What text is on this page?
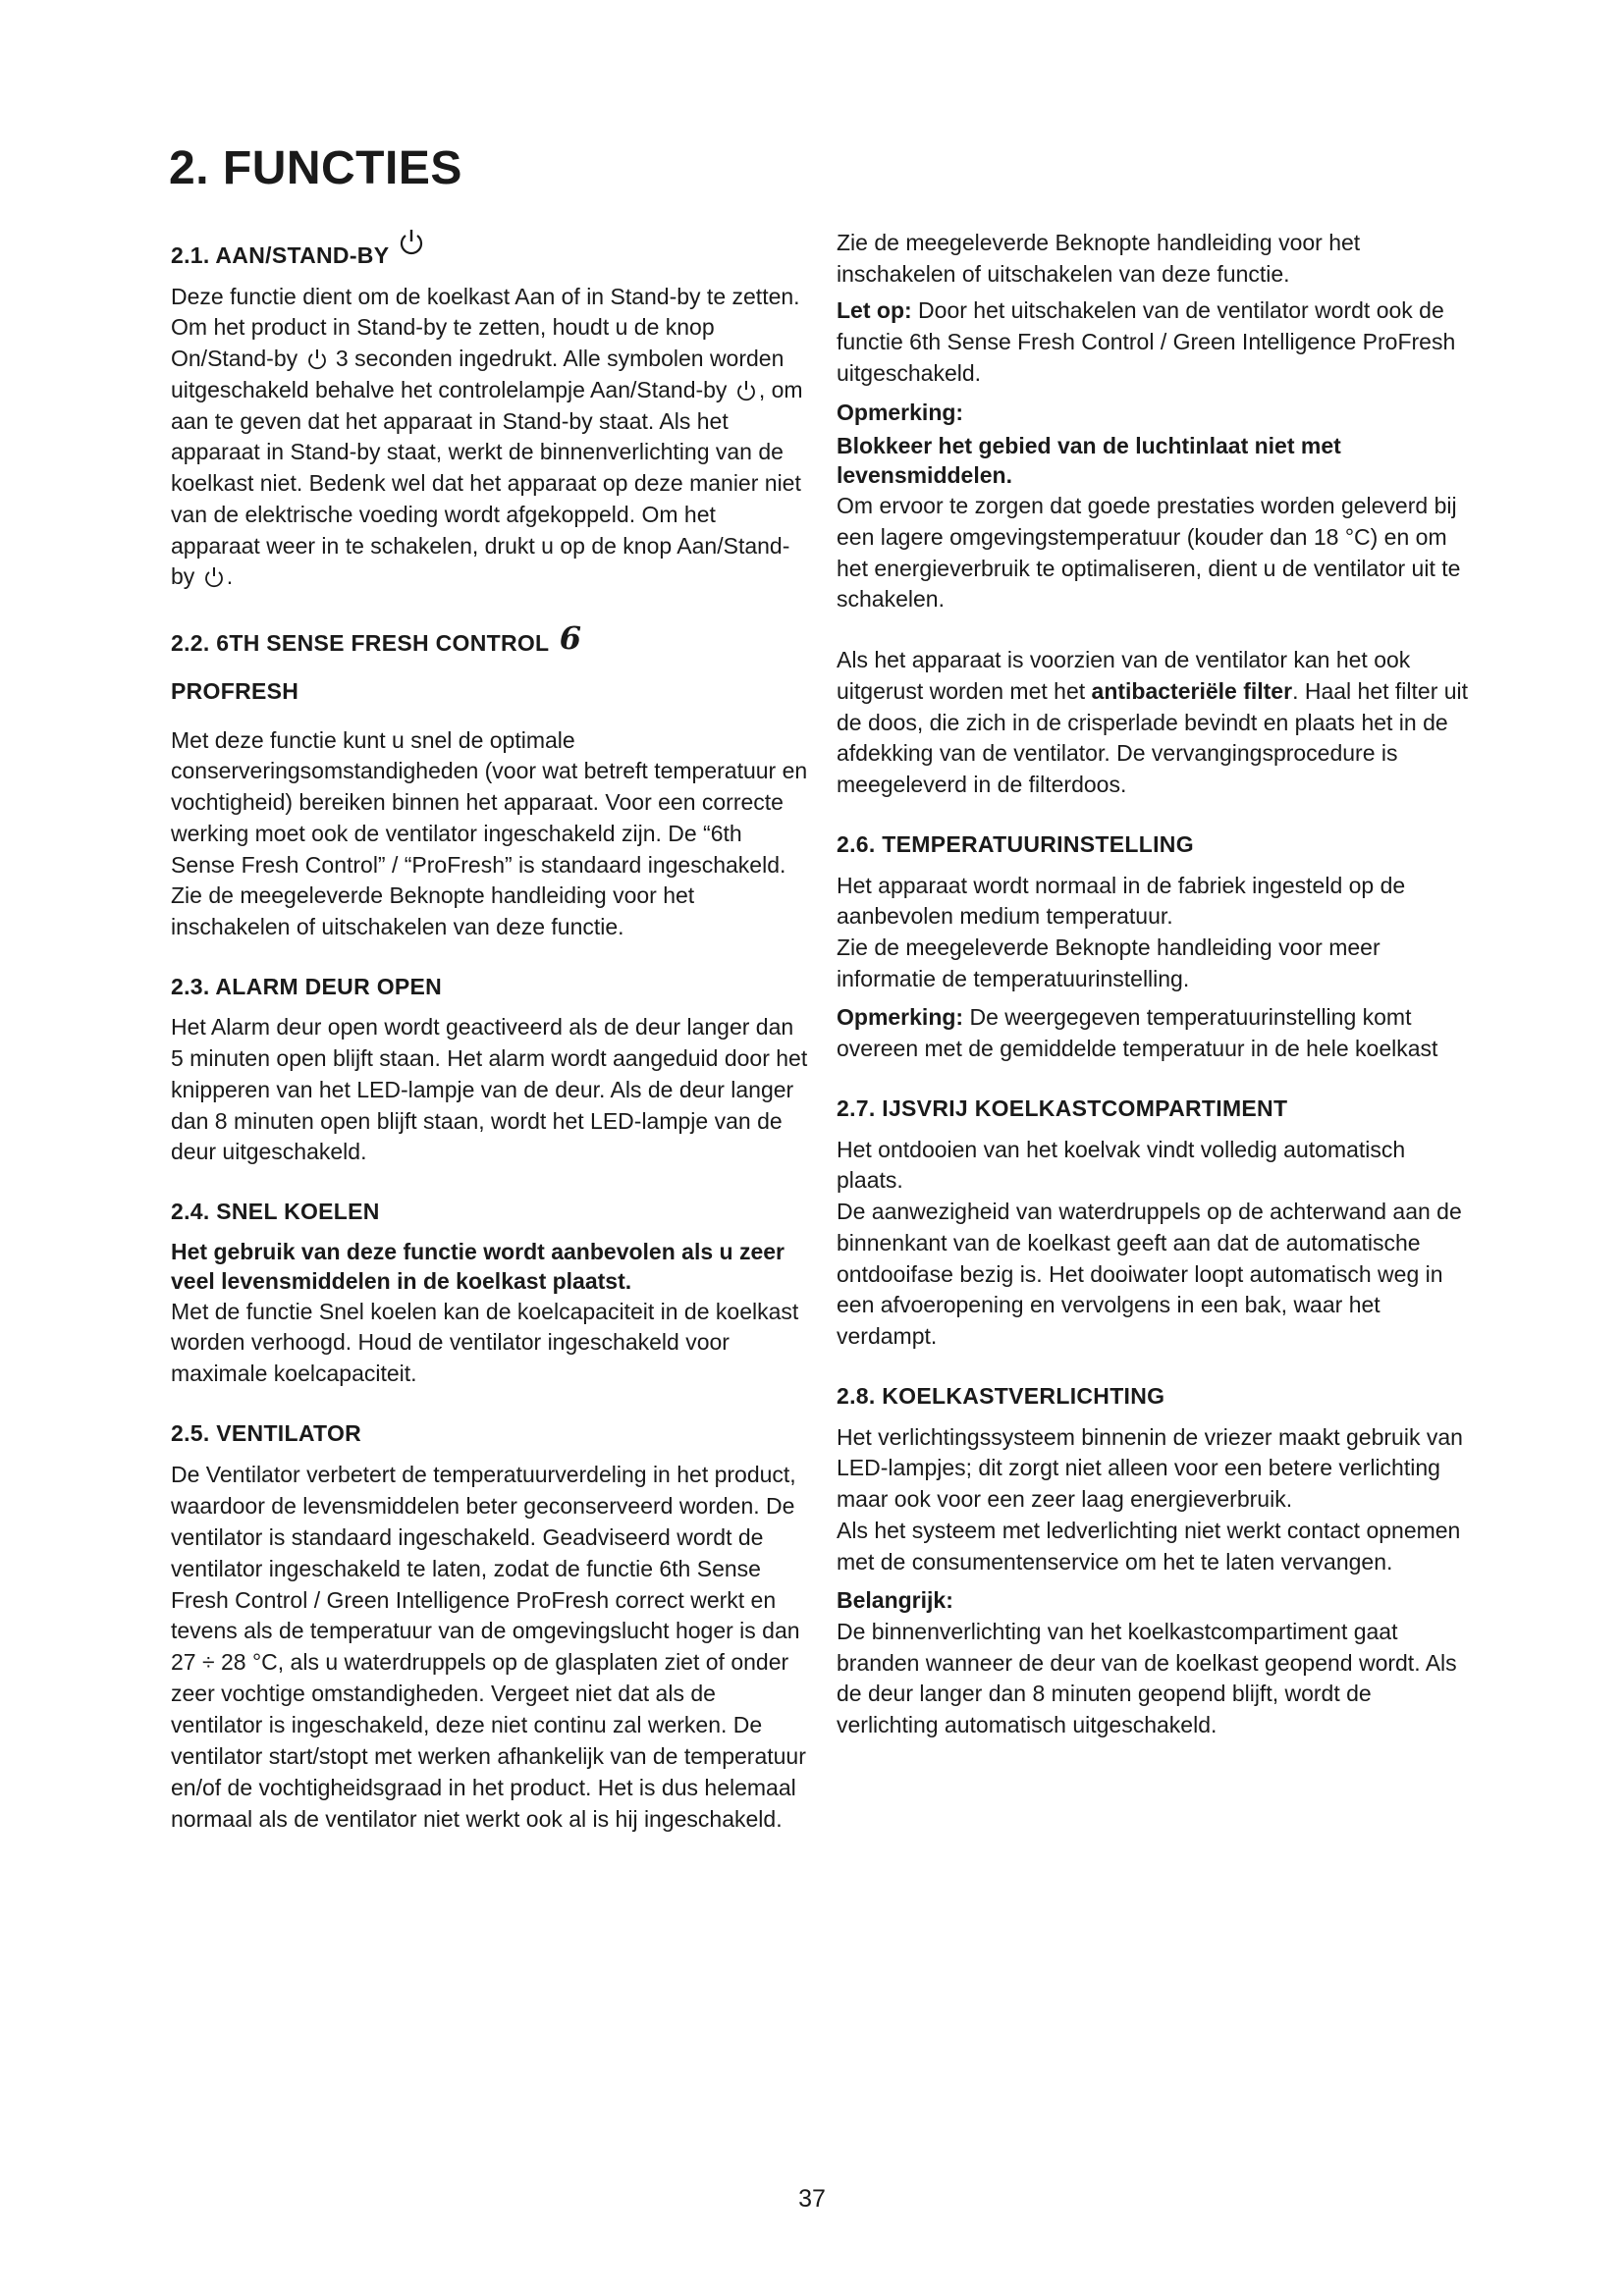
2. FUNCTIES
2.1. AAN/STAND-BY

Deze functie dient om de koelkast Aan of in Stand-by te zetten. Om het product in Stand-by te zetten, houdt u de knop On/Stand-by 3 seconden ingedrukt. Alle symbolen worden uitgeschakeld behalve het controlelampje Aan/Stand-by , om aan te geven dat het apparaat in Stand-by staat. Als het apparaat in Stand-by staat, werkt de binnenverlichting van de koelkast niet. Bedenk wel dat het apparaat op deze manier niet van de elektrische voeding wordt afgekoppeld. Om het apparaat weer in te schakelen, drukt u op de knop Aan/Stand-by .

2.2. 6TH SENSE FRESH CONTROL 6
PROFRESH

Met deze functie kunt u snel de optimale conserveringsomstandigheden (voor wat betreft temperatuur en vochtigheid) bereiken binnen het apparaat. Voor een correcte werking moet ook de ventilator ingeschakeld zijn. De “6th Sense Fresh Control” / “ProFresh” is standaard ingeschakeld. Zie de meegeleverde Beknopte handleiding voor het inschakelen of uitschakelen van deze functie.

2.3. ALARM DEUR OPEN

Het Alarm deur open wordt geactiveerd als de deur langer dan 5 minuten open blijft staan. Het alarm wordt aangeduid door het knipperen van het LED-lampje van de deur. Als de deur langer dan 8 minuten open blijft staan, wordt het LED-lampje van de deur uitgeschakeld.

2.4. SNEL KOELEN

Het gebruik van deze functie wordt aanbevolen als u zeer veel levensmiddelen in de koelkast plaatst.

Met de functie Snel koelen kan de koelcapaciteit in de koelkast worden verhoogd. Houd de ventilator ingeschakeld voor maximale koelcapaciteit.

2.5. VENTILATOR

De Ventilator verbetert de temperatuurverdeling in het product, waardoor de levensmiddelen beter geconserveerd worden. De ventilator is standaard ingeschakeld. Geadviseerd wordt de ventilator ingeschakeld te laten, zodat de functie 6th Sense Fresh Control / Green Intelligence ProFresh correct werkt en tevens als de temperatuur van de omgevingslucht hoger is dan 27 ÷ 28 °C, als u waterdruppels op de glasplaten ziet of onder zeer vochtige omstandigheden. Vergeet niet dat als de ventilator is ingeschakeld, deze niet continu zal werken. De ventilator start/stopt met werken afhankelijk van de temperatuur en/of de vochtigheidsgraad in het product. Het is dus helemaal normaal als de ventilator niet werkt ook al is hij ingeschakeld.

Zie de meegeleverde Beknopte handleiding voor het inschakelen of uitschakelen van deze functie.

Let op: Door het uitschakelen van de ventilator wordt ook de functie 6th Sense Fresh Control / Green Intelligence ProFresh uitgeschakeld.

Opmerking:

Blokkeer het gebied van de luchtinlaat niet met levensmiddelen.

Om ervoor te zorgen dat goede prestaties worden geleverd bij een lagere omgevingstemperatuur (kouder dan 18 °C) en om het energieverbruik te optimaliseren, dient u de ventilator uit te schakelen.

Als het apparaat is voorzien van de ventilator kan het ook uitgerust worden met het antibacteriële filter. Haal het filter uit de doos, die zich in de crisperlade bevindt en plaats het in de afdekking van de ventilator. De vervangingsprocedure is meegeleverd in de filterdoos.

2.6. TEMPERATUURINSTELLING

Het apparaat wordt normaal in de fabriek ingesteld op de aanbevolen medium temperatuur.

Zie de meegeleverde Beknopte handleiding voor meer informatie de temperatuurinstelling.

Opmerking: De weergegeven temperatuurinstelling komt overeen met de gemiddelde temperatuur in de hele koelkast

2.7. IJSVRIJ KOELKASTCOMPARTIMENT

Het ontdooien van het koelvak vindt volledig automatisch plaats.

De aanwezigheid van waterdruppels op de achterwand aan de binnenkant van de koelkast geeft aan dat de automatische ontdooifase bezig is. Het dooiwater loopt automatisch weg in een afvoeropening en vervolgens in een bak, waar het verdampt.

2.8. KOELKASTVERLICHTING

Het verlichtingssysteem binnenin de vriezer maakt gebruik van LED-lampjes; dit zorgt niet alleen voor een betere verlichting maar ook voor een zeer laag energieverbruik.

Als het systeem met ledverlichting niet werkt contact opnemen met de consumentenservice om het te laten vervangen.

Belangrijk:

De binnenverlichting van het koelkastcompartiment gaat branden wanneer de deur van de koelkast geopend wordt. Als de deur langer dan 8 minuten geopend blijft, wordt de verlichting automatisch uitgeschakeld.

37
